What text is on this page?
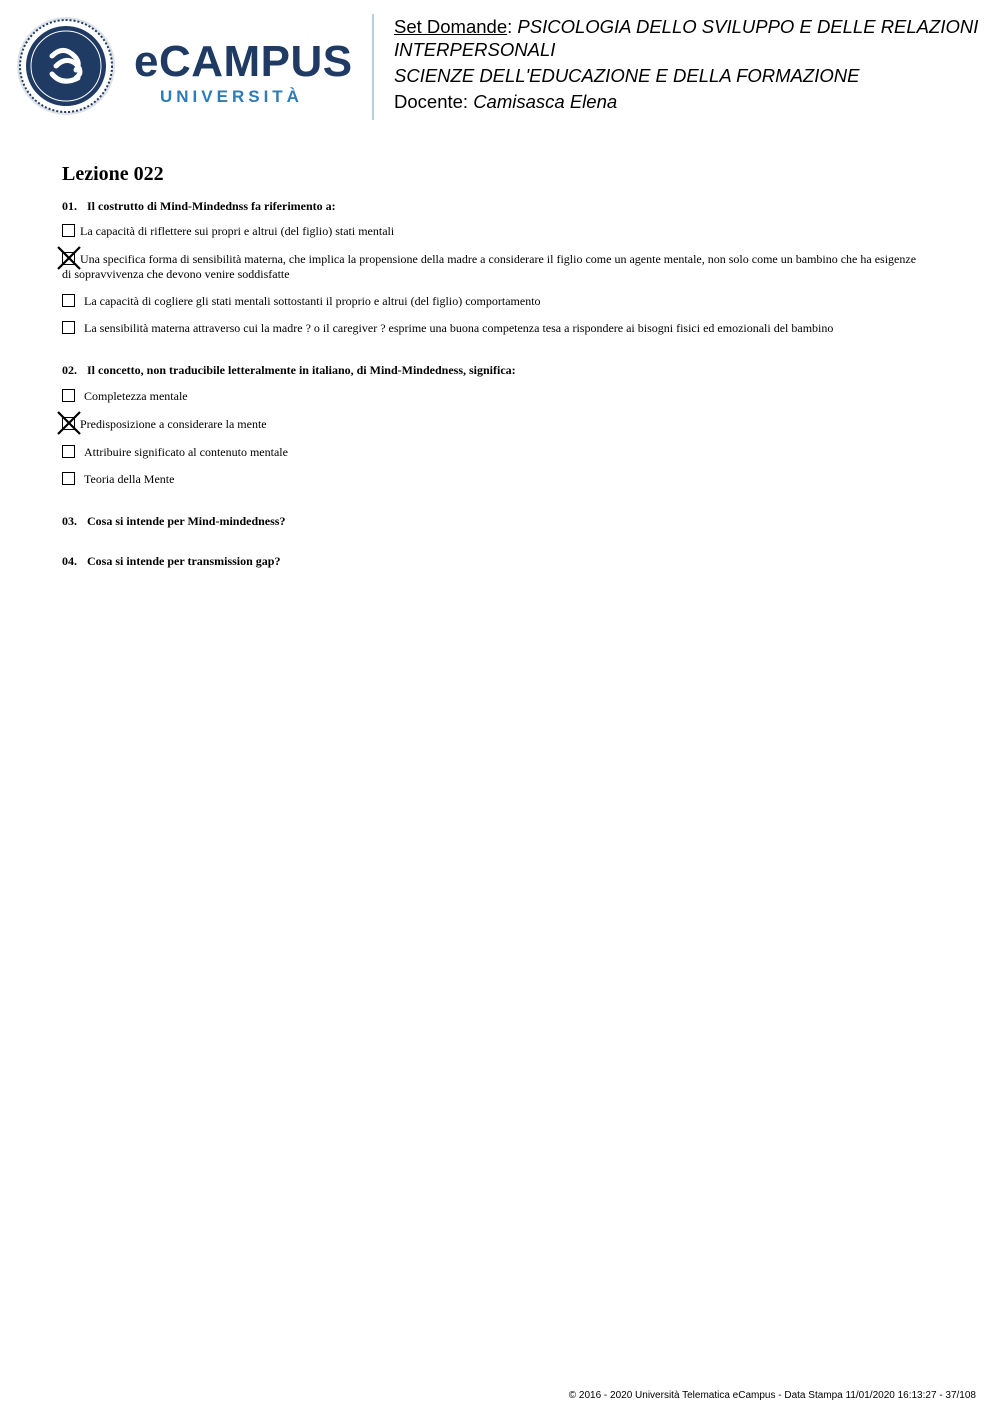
eCAMPUS
UNIVERSITÀ
Set Domande: PSICOLOGIA DELLO SVILUPPO E DELLE RELAZIONI INTERPERSONALI
SCIENZE DELL'EDUCAZIONE E DELLA FORMAZIONE
Docente: Camisasca Elena
Lezione 022
01. Il costrutto di Mind-Mindednss fa riferimento a:
La capacità di riflettere sui propri e altrui (del figlio) stati mentali
Una specifica forma di sensibilità materna, che implica la propensione della madre a considerare il figlio come un agente mentale, non solo come un bambino che ha esigenze di sopravvivenza che devono venire soddisfatte
La capacità di cogliere gli stati mentali sottostanti il proprio e altrui (del figlio) comportamento
La sensibilità materna attraverso cui la madre ? o il caregiver ? esprime una buona competenza tesa a rispondere ai bisogni fisici ed emozionali del bambino
02. Il concetto, non traducibile letteralmente in italiano, di Mind-Mindedness, significa:
Completezza mentale
Predisposizione a considerare la mente
Attribuire significato al contenuto mentale
Teoria della Mente
03. Cosa si intende per Mind-mindedness?
04. Cosa si intende per transmission gap?
© 2016 - 2020 Università Telematica eCampus - Data Stampa 11/01/2020 16:13:27 - 37/108
